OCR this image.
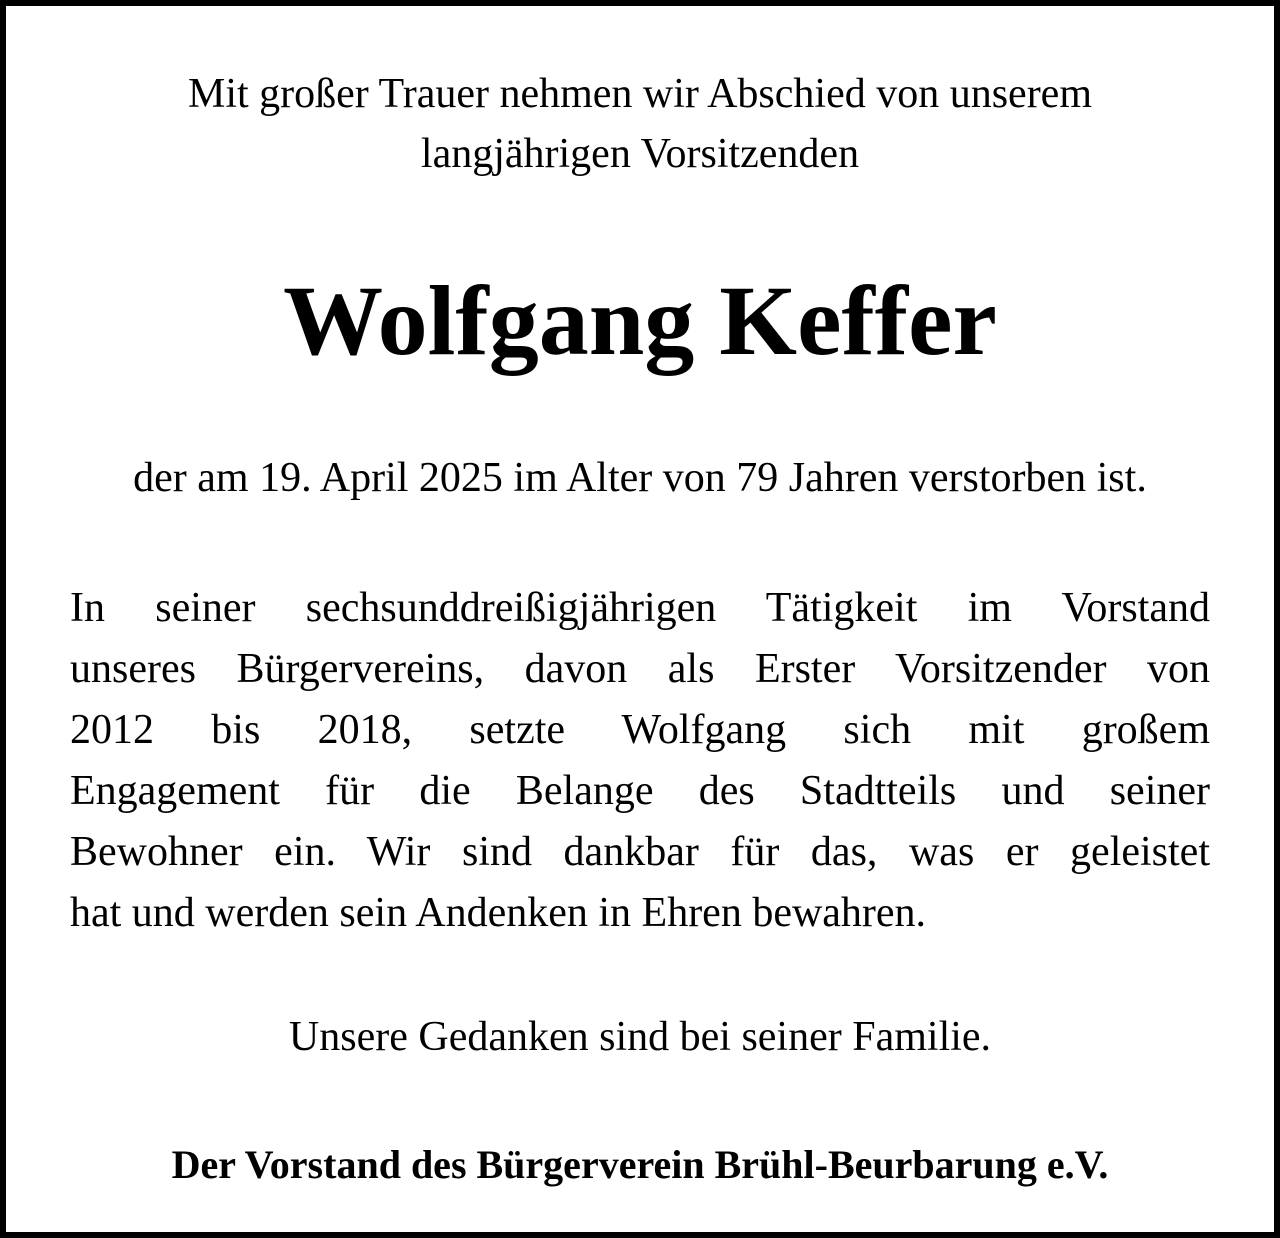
Mit großer Trauer nehmen wir Abschied von unserem
langjährigen Vorsitzenden

Wolfgang Keffer

der am 19. April 2025 im Alter von 79 Jahren verstorben ist.

In seiner sechsunddreißigjährigen Tätigkeit im Vorstand
unseres Bürgervereins, davon als Erster Vorsitzender von
2012 bis 2018, setzte Wolfgang sich mit großem
Engagement für die Belange des Stadtteils und seiner
Bewohner ein. Wir sind dankbar für das, was er geleistet
hat und werden sein Andenken in Ehren bewahren.

Unsere Gedanken sind bei seiner Familie.

Der Vorstand des Bürgerverein Brühl-Beurbarung e.V.
